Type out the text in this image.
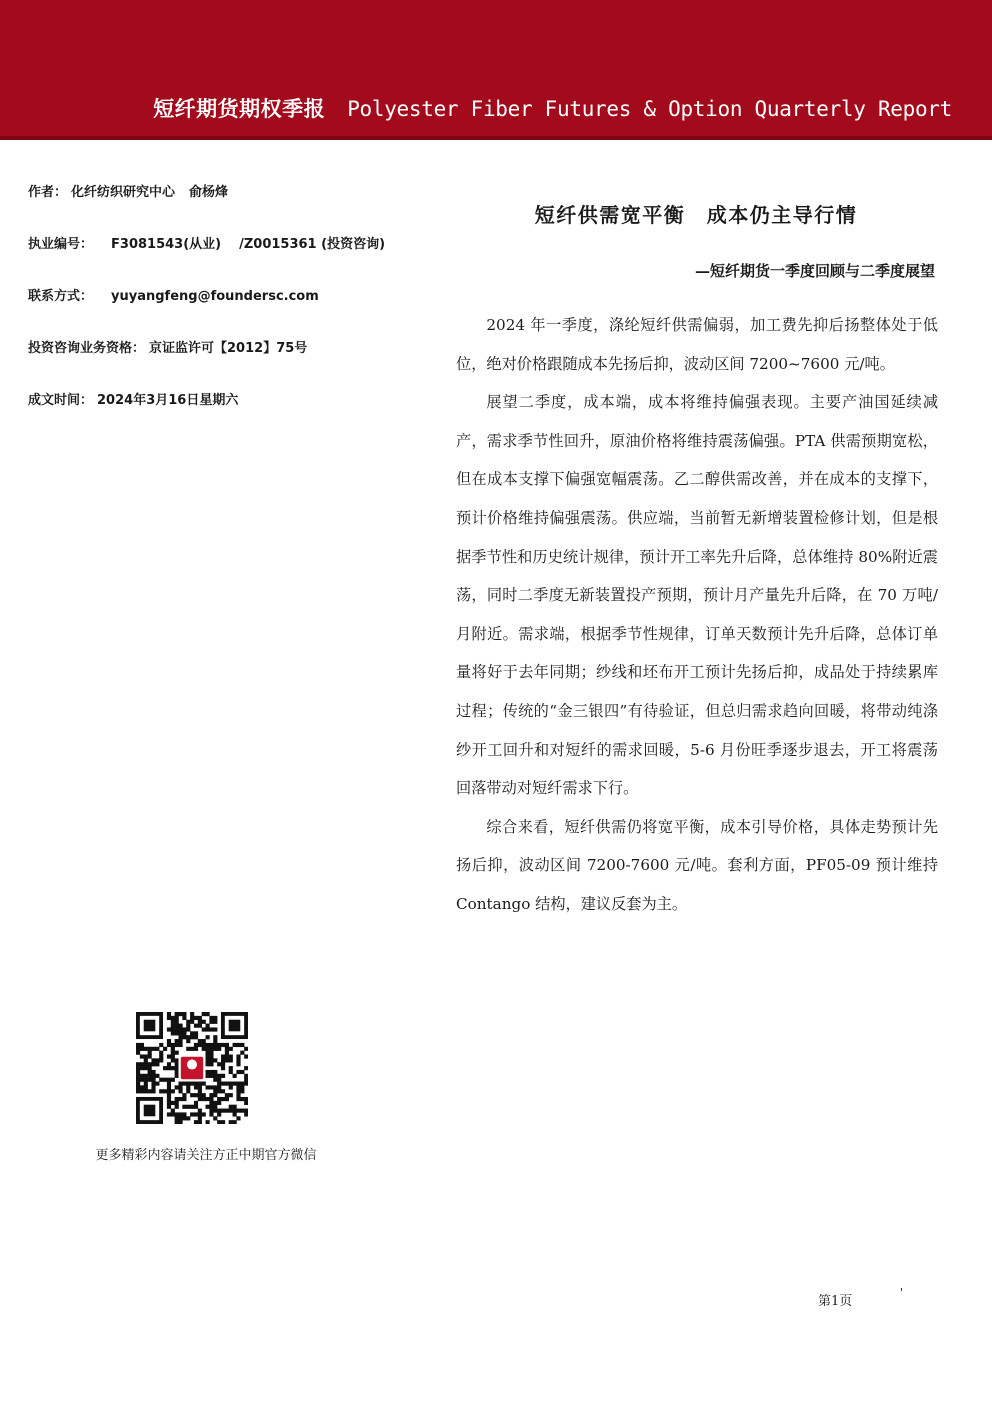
短纤期货期权季报 Polyester Fiber Futures & Option Quarterly Report
作者： 化纤纺织研究中心 俞杨烽
执业编号： F3081543(从业) /Z0015361 (投资咨询)
联系方式： yuyangfeng@foundersc.com
投资咨询业务资格： 京证监许可【2012】75号
成文时间： 2024年3月16日星期六
更多精彩内容请关注方正中期官方微信
短纤供需宽平衡　成本仍主导行情
—短纤期货一季度回顾与二季度展望

2024 年一季度，涤纶短纤供需偏弱，加工费先抑后扬整体处于低位，绝对价格跟随成本先扬后抑，波动区间 7200~7600 元/吨。

展望二季度，成本端，成本将维持偏强表现。主要产油国延续减产，需求季节性回升，原油价格将维持震荡偏强。PTA 供需预期宽松，但在成本支撑下偏强宽幅震荡。乙二醇供需改善，并在成本的支撑下，预计价格维持偏强震荡。供应端，当前暂无新增装置检修计划，但是根据季节性和历史统计规律，预计开工率先升后降，总体维持 80%附近震荡，同时二季度无新装置投产预期，预计月产量先升后降，在 70 万吨/月附近。需求端，根据季节性规律，订单天数预计先升后降，总体订单量将好于去年同期；纱线和坯布开工预计先扬后抑，成品处于持续累库过程；传统的“金三银四”有待验证，但总归需求趋向回暖，将带动纯涤纱开工回升和对短纤的需求回暖，5-6 月份旺季逐步退去，开工将震荡回落带动对短纤需求下行。

综合来看，短纤供需仍将宽平衡，成本引导价格，具体走势预计先扬后抑，波动区间 7200-7600 元/吨。套利方面，PF05-09 预计维持 Contango 结构，建议反套为主。

第1页
'
